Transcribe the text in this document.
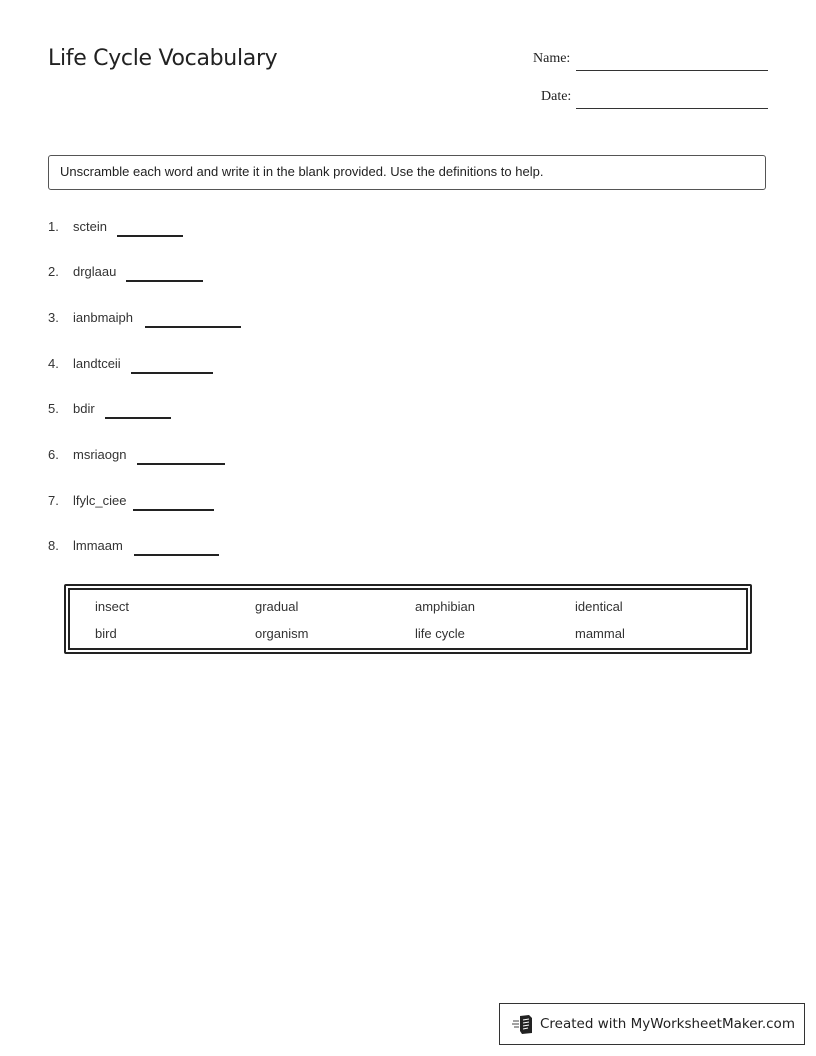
Life Cycle Vocabulary	Name:
Date:
Unscramble each word and write it in the blank provided. Use the definitions to help.
1. sctein
2. drglaau
3. ianbmaiph
4. landtceii
5. bdir
6. msriaogn
7. lfylc_ciee
8. lmmaam
insect	gradual	amphibian	identical
bird	organism	life cycle	mammal
Created with MyWorksheetMaker.com
